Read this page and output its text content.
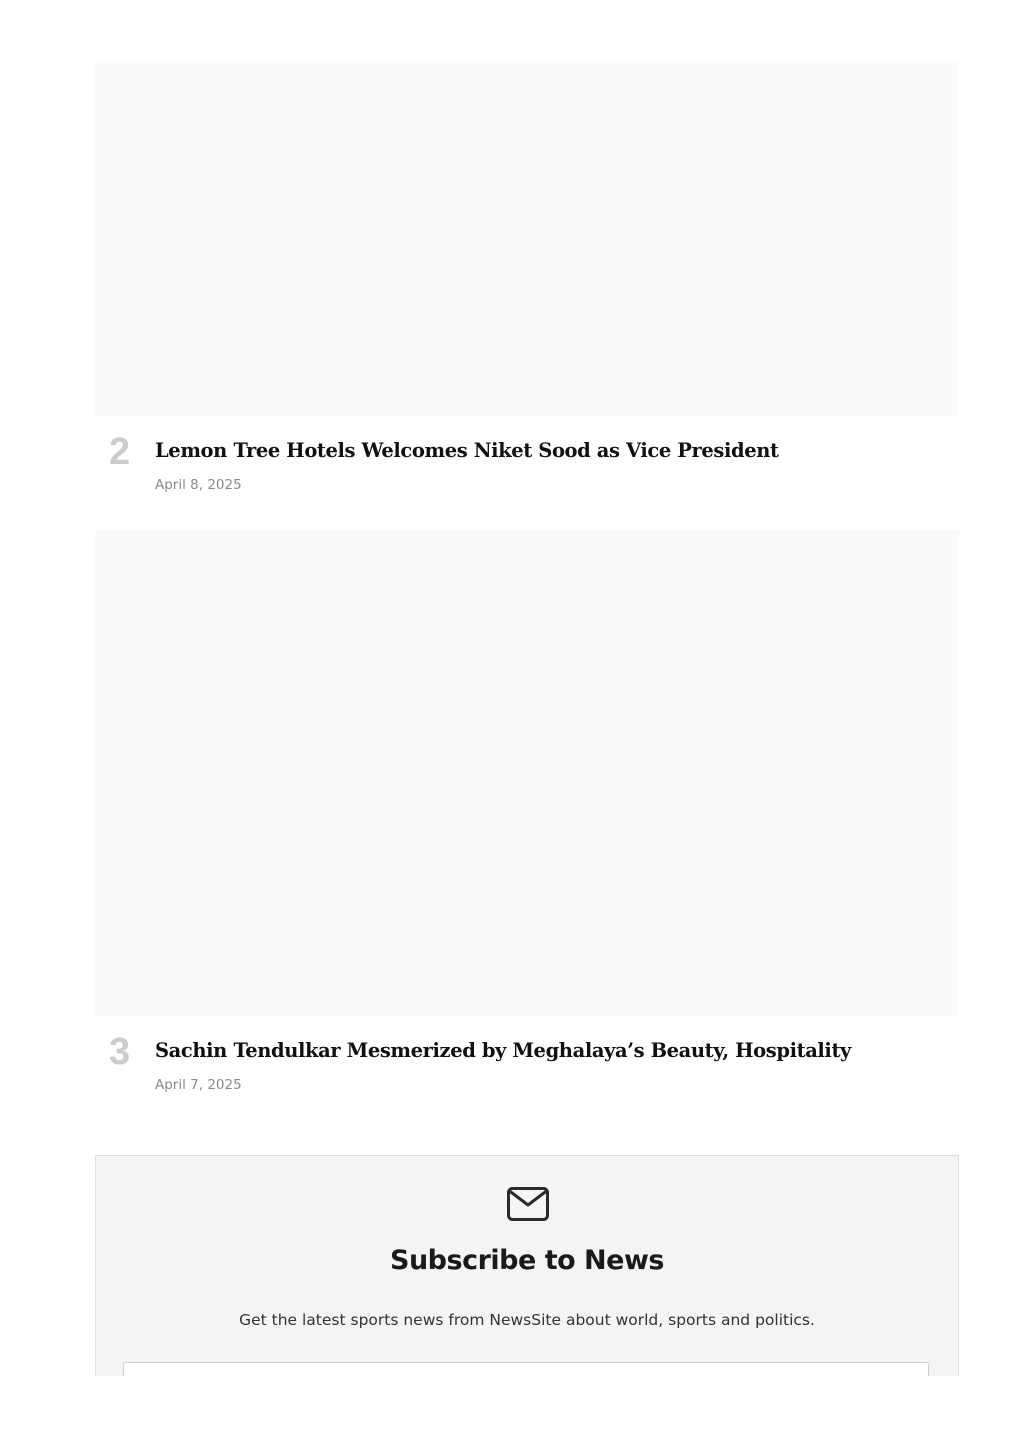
2 Lemon Tree Hotels Welcomes Niket Sood as Vice President
April 8, 2025
3 Sachin Tendulkar Mesmerized by Meghalaya’s Beauty, Hospitality
April 7, 2025
Subscribe to News

Get the latest sports news from NewsSite about world, sports and politics.
